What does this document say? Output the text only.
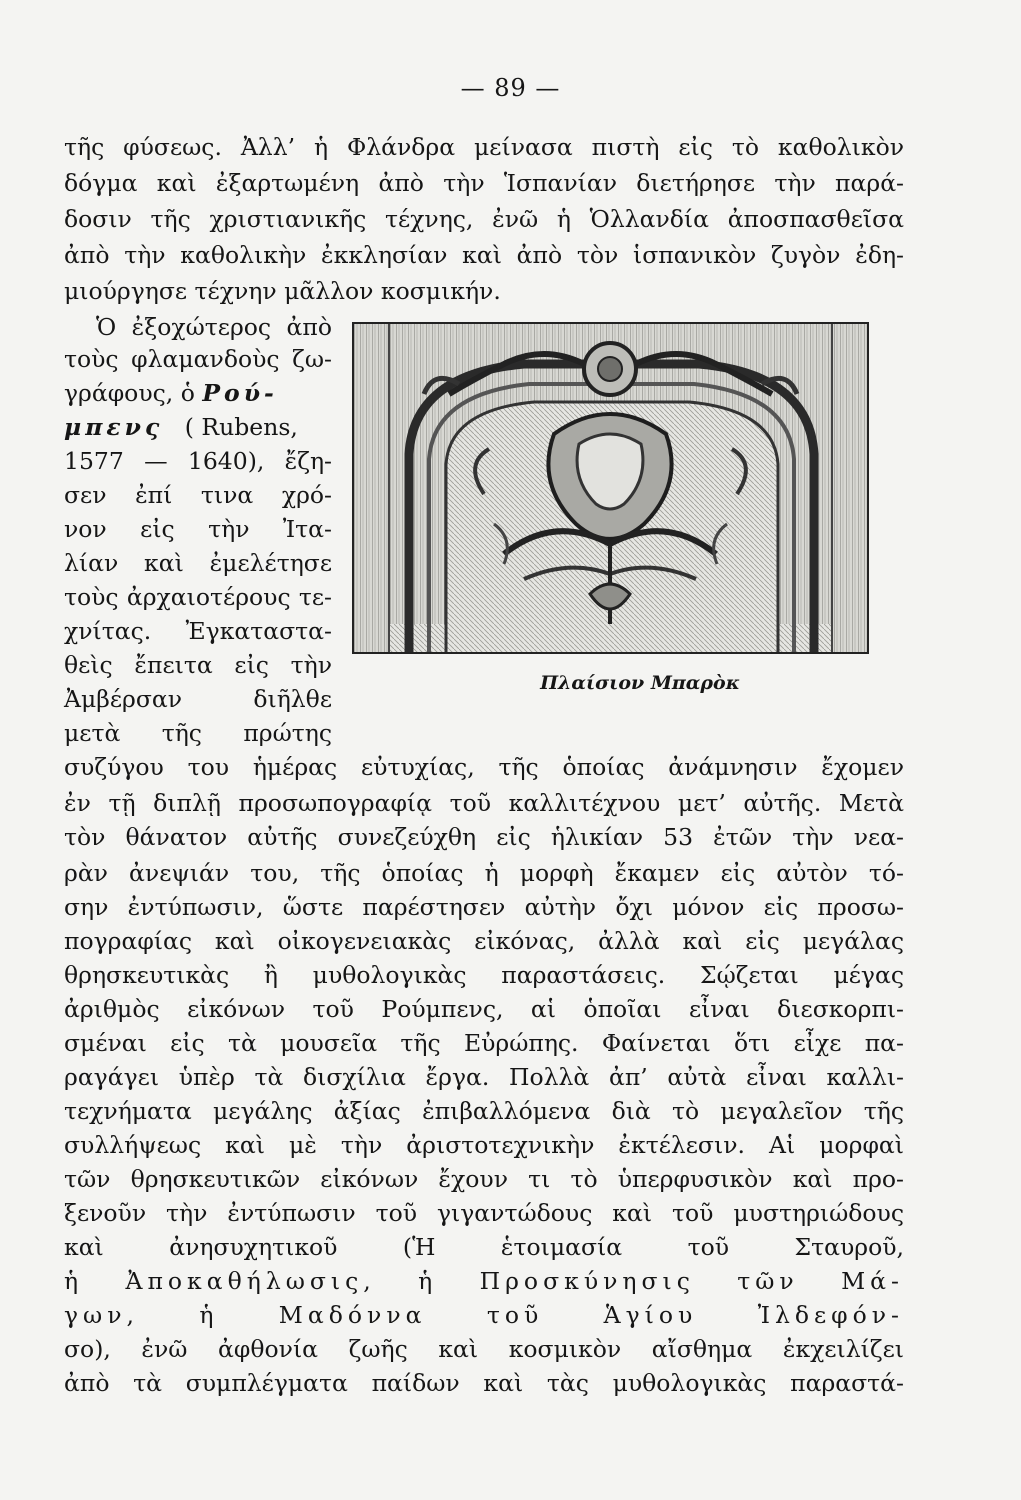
— 89 —
τῆς φύσεως. Ἀλλ’ ἡ Φλάνδρα μείνασα πιστὴ εἰς τὸ καθολικὸν
δόγμα καὶ ἐξαρτωμένη ἀπὸ τὴν Ἱσπανίαν διετήρησε τὴν παρά-
δοσιν τῆς χριστιανικῆς τέχνης, ἐνῶ ἡ Ὁλλανδία ἀποσπασθεῖσα
ἀπὸ τὴν καθολικὴν ἐκκλησίαν καὶ ἀπὸ τὸν ἱσπανικὸν ζυγὸν ἐδη-
μιούργησε τέχνην μᾶλλον κοσμικήν.
Ὁ ἐξοχώτερος ἀπὸ
τοὺς φλαμανδοὺς ζω-
γράφους, ὁ Ρού-
μπενς ( Rubens,
1577 — 1640), ἔζη-
σεν ἐπί τινα χρό-
νον εἰς τὴν Ἰτα-
λίαν καὶ ἐμελέτησε
τοὺς ἀρχαιοτέρους τε-
χνίτας. Ἐγκαταστα-
θεὶς ἔπειτα εἰς τὴν
Ἀμβέρσαν διῆλθε
μετὰ τῆς πρώτης
Πλαίσιον Μπαρὸκ
συζύγου του ἡμέρας εὐτυχίας, τῆς ὁποίας ἀνάμνησιν ἔχομεν
ἐν τῇ διπλῇ προσωπογραφίᾳ τοῦ καλλιτέχνου μετ’ αὐτῆς. Μετὰ
τὸν θάνατον αὐτῆς συνεζεύχθη εἰς ἡλικίαν 53 ἐτῶν τὴν νεα-
ρὰν ἀνεψιάν του, τῆς ὁποίας ἡ μορφὴ ἔκαμεν εἰς αὐτὸν τό-
σην ἐντύπωσιν, ὥστε παρέστησεν αὐτὴν ὄχι μόνον εἰς προσω-
πογραφίας καὶ οἰκογενειακὰς εἰκόνας, ἀλλὰ καὶ εἰς μεγάλας
θρησκευτικὰς ἢ μυθολογικὰς παραστάσεις. Σῴζεται μέγας
ἀριθμὸς εἰκόνων τοῦ Ρούμπενς, αἱ ὁποῖαι εἶναι διεσκορπι-
σμέναι εἰς τὰ μουσεῖα τῆς Εὐρώπης. Φαίνεται ὅτι εἶχε πα-
ραγάγει ὑπὲρ τὰ δισχίλια ἔργα. Πολλὰ ἀπ’ αὐτὰ εἶναι καλλι-
τεχνήματα μεγάλης ἀξίας ἐπιβαλλόμενα διὰ τὸ μεγαλεῖον τῆς
συλλήψεως καὶ μὲ τὴν ἀριστοτεχνικὴν ἐκτέλεσιν. Αἱ μορφαὶ
τῶν θρησκευτικῶν εἰκόνων ἔχουν τι τὸ ὑπερφυσικὸν καὶ προ-
ξενοῦν τὴν ἐντύπωσιν τοῦ γιγαντώδους καὶ τοῦ μυστηριώδους
καὶ ἀνησυχητικοῦ (Ἡ ἑτοιμασία τοῦ Σταυροῦ,
ἡ Ἀποκαθήλωσις, ἡ Προσκύνησις τῶν Μά-
γων, ἡ Μαδόννα τοῦ Ἁγίου Ἰλδεφόν-
σο), ἐνῶ ἀφθονία ζωῆς καὶ κοσμικὸν αἴσθημα ἐκχειλίζει
ἀπὸ τὰ συμπλέγματα παίδων καὶ τὰς μυθολογικὰς παραστά-
